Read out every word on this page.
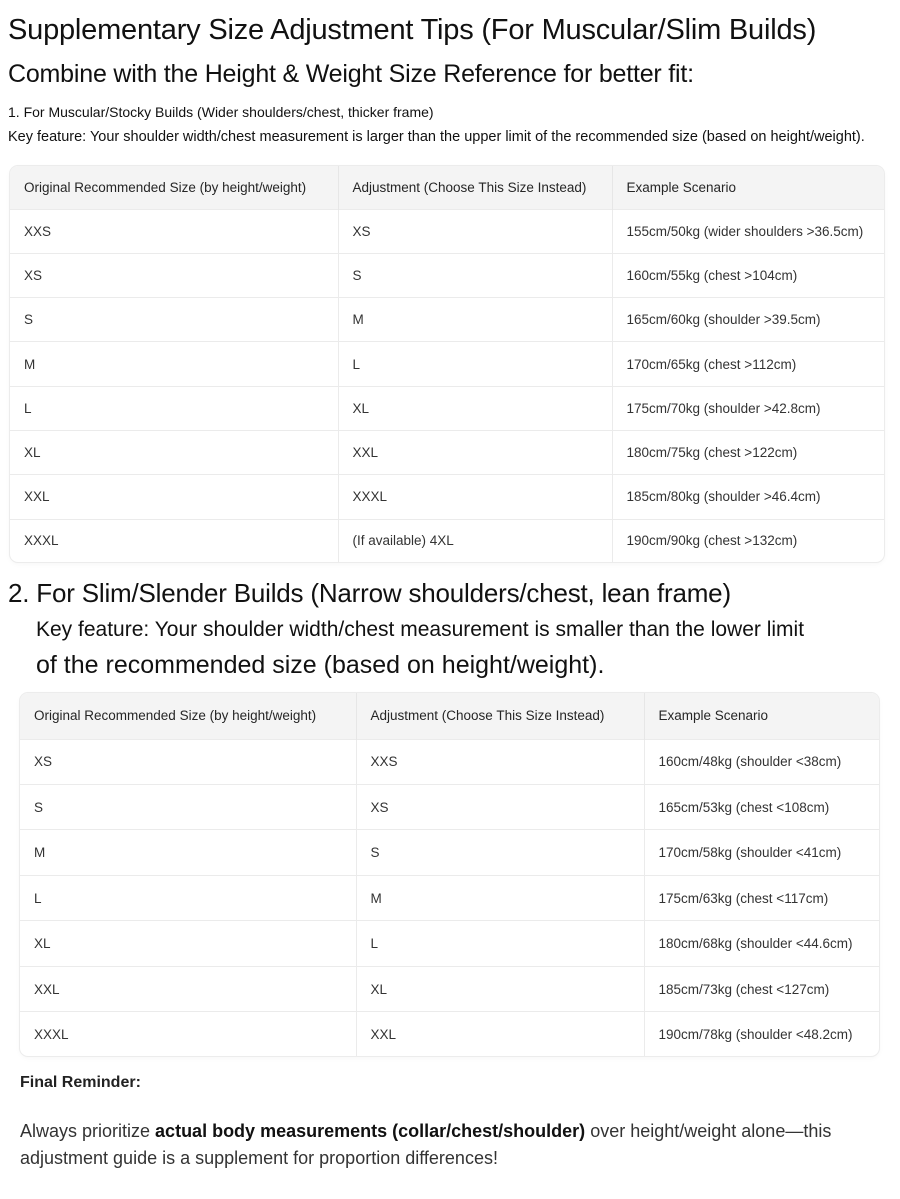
Supplementary Size Adjustment Tips (For Muscular/Slim Builds)
Combine with the Height & Weight Size Reference for better fit:
1. For Muscular/Stocky Builds (Wider shoulders/chest, thicker frame)
Key feature: Your shoulder width/chest measurement is larger than the upper limit of the recommended size (based on height/weight).
Original Recommended Size (by height/weight)	Adjustment (Choose This Size Instead)	Example Scenario
XXS	XS	155cm/50kg (wider shoulders >36.5cm)
XS	S	160cm/55kg (chest >104cm)
S	M	165cm/60kg (shoulder >39.5cm)
M	L	170cm/65kg (chest >112cm)
L	XL	175cm/70kg (shoulder >42.8cm)
XL	XXL	180cm/75kg (chest >122cm)
XXL	XXXL	185cm/80kg (shoulder >46.4cm)
XXXL	(If available) 4XL	190cm/90kg (chest >132cm)
2. For Slim/Slender Builds (Narrow shoulders/chest, lean frame)
Key feature: Your shoulder width/chest measurement is smaller than the lower limit
of the recommended size (based on height/weight).
Original Recommended Size (by height/weight)	Adjustment (Choose This Size Instead)	Example Scenario
XS	XXS	160cm/48kg (shoulder <38cm)
S	XS	165cm/53kg (chest <108cm)
M	S	170cm/58kg (shoulder <41cm)
L	M	175cm/63kg (chest <117cm)
XL	L	180cm/68kg (shoulder <44.6cm)
XXL	XL	185cm/73kg (chest <127cm)
XXXL	XXL	190cm/78kg (shoulder <48.2cm)
Final Reminder:
Always prioritize actual body measurements (collar/chest/shoulder) over height/weight alone—this adjustment guide is a supplement for proportion differences!
